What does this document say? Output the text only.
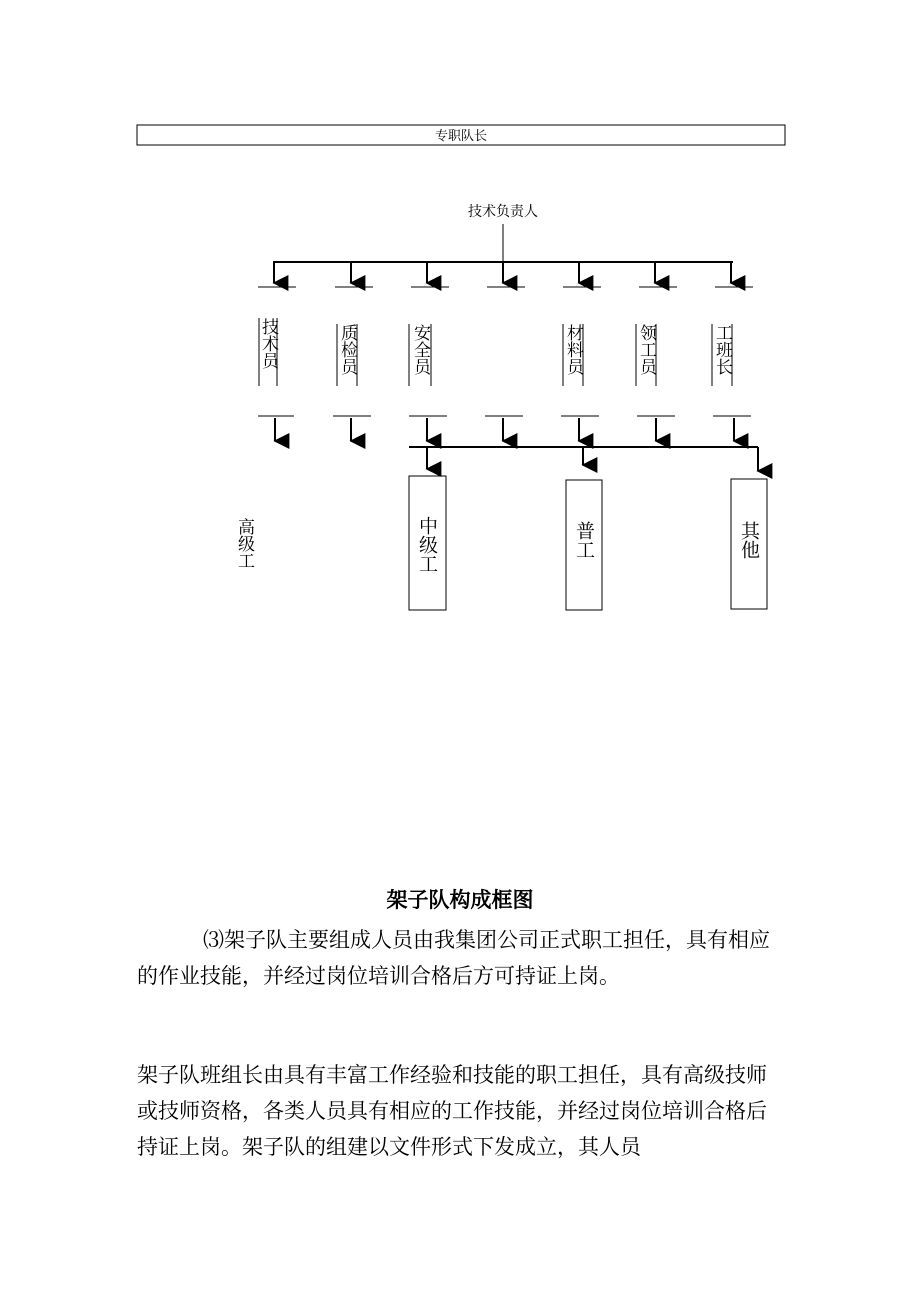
专职队长
技术负责人
技术员	质检员	安全员	材料员	领工员	工班长
高级工	中级工	普工	其他
架子队构成框图

⑶架子队主要组成人员由我集团公司正式职工担任，具有相应的作业技能，并经过岗位培训合格后方可持证上岗。

架子队班组长由具有丰富工作经验和技能的职工担任，具有高级技师或技师资格，各类人员具有相应的工作技能，并经过岗位培训合格后持证上岗。架子队的组建以文件形式下发成立，其人员
